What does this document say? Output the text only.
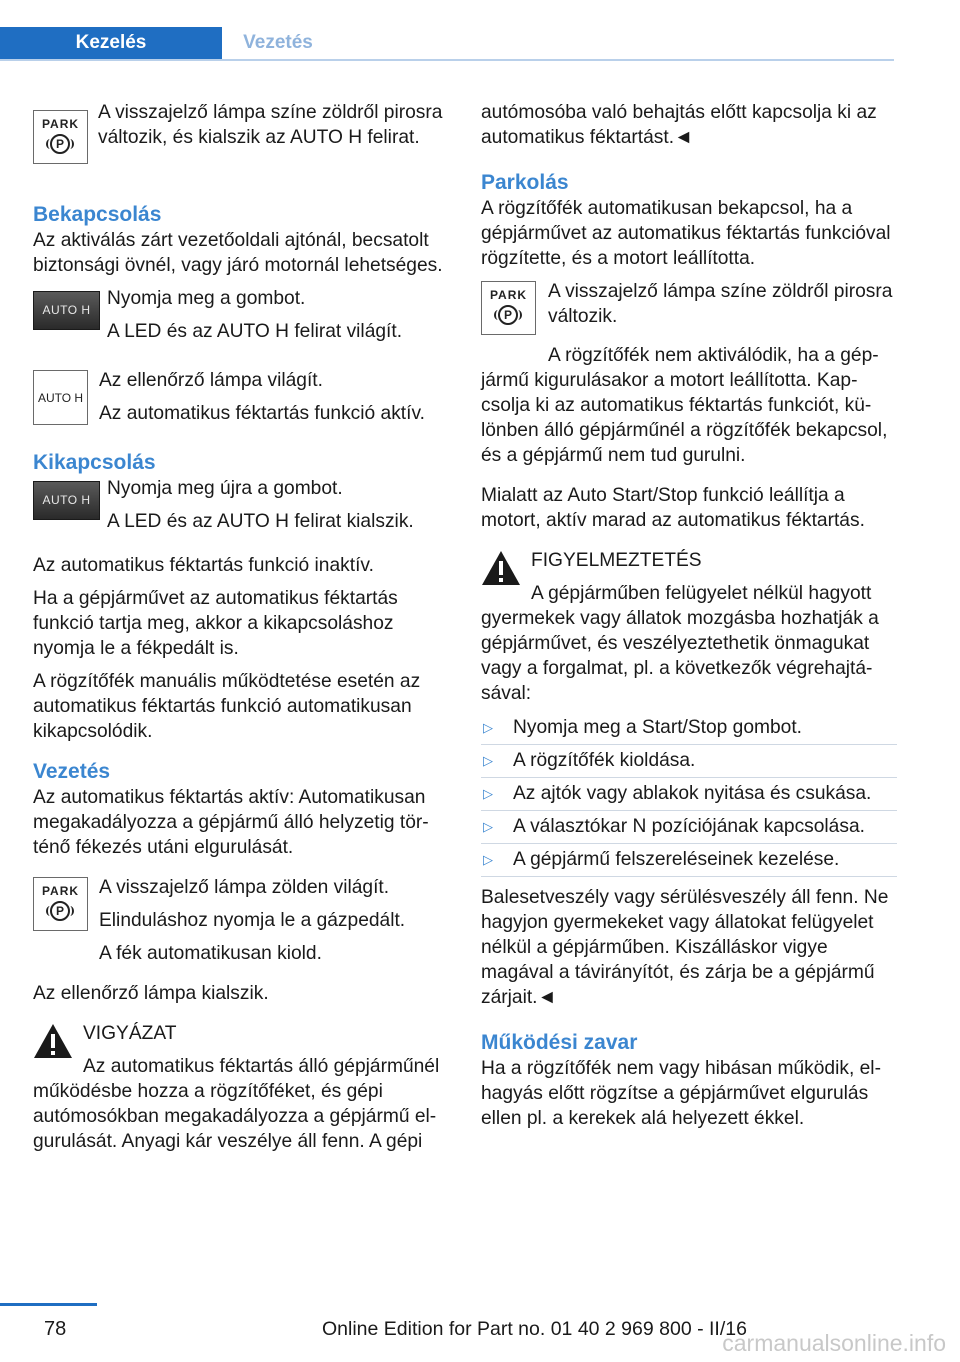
Kezelés	Vezetés
PARK
P

A visszajelző lámpa színe zöldről pirosra változik, és kialszik az AUTO H felirat.

Bekapcsolás

Az aktiválás zárt vezetőoldali ajtónál, becsatolt biztonsági övnél, vagy járó motornál lehetséges.

AUTO H

Nyomja meg a gombot.

A LED és az AUTO H felirat világít.

AUTO H

Az ellenőrző lámpa világít.

Az automatikus féktartás funkció aktív.

Kikapcsolás

AUTO H

Nyomja meg újra a gombot.

A LED és az AUTO H felirat kialszik.

Az automatikus féktartás funkció inaktív.

Ha a gépjárművet az automatikus féktartás funkció tartja meg, akkor a kikapcsoláshoz nyomja le a fékpedált is.

A rögzítőfék manuális működtetése esetén az automatikus féktartás funkció automatikusan kikapcsolódik.

Vezetés

Az automatikus féktartás aktív: Automatikusan megakadályozza a gépjármű álló helyzetig történő fékezés utáni elgurulását.

PARK
P

A visszajelző lámpa zölden világít.

Elinduláshoz nyomja le a gázpedált.

A fék automatikusan kiold.

Az ellenőrző lámpa kialszik.

VIGYÁZAT

Az automatikus féktartás álló gépjárműnél működésbe hozza a rögzítőféket, és gépi autómosókban megakadályozza a gépjármű elgurulását. Anyagi kár veszélye áll fenn. A gépi

autómosóba való behajtás előtt kapcsolja ki az automatikus féktartást.◄

Parkolás

A rögzítőfék automatikusan bekapcsol, ha a gépjárművet az automatikus féktartás funkcióval rögzítette, és a motort leállította.

PARK
P

A visszajelző lámpa színe zöldről pirosra változik.

A rögzítőfék nem aktiválódik, ha a gépjármű kigurulásakor a motort leállította. Kapcsolja ki az automatikus féktartás funkciót, különben álló gépjárműnél a rögzítőfék bekapcsol, és a gépjármű nem tud gurulni.

Mialatt az Auto Start/Stop funkció leállítja a motort, aktív marad az automatikus féktartás.

FIGYELMEZTETÉS

A gépjárműben felügyelet nélkül hagyott gyermekek vagy állatok mozgásba hozhatják a gépjárművet, és veszélyeztethetik önmagukat vagy a forgalmat, pl. a következők végrehajtásával:

▷ Nyomja meg a Start/Stop gombot.
▷ A rögzítőfék kioldása.
▷ Az ajtók vagy ablakok nyitása és csukása.
▷ A választókar N pozíciójának kapcsolása.
▷ A gépjármű felszereléseinek kezelése.

Balesetveszély vagy sérülésveszély áll fenn. Ne hagyjon gyermekeket vagy állatokat felügyelet nélkül a gépjárműben. Kiszálláskor vigye magával a távirányítót, és zárja be a gépjármű zárjait.◄

Működési zavar

Ha a rögzítőfék nem vagy hibásan működik, elhagyás előtt rögzítse a gépjárművet elgurulás ellen pl. a kerekek alá helyezett ékkel.

78	Online Edition for Part no. 01 40 2 969 800 - II/16
carmanualsonline.info
